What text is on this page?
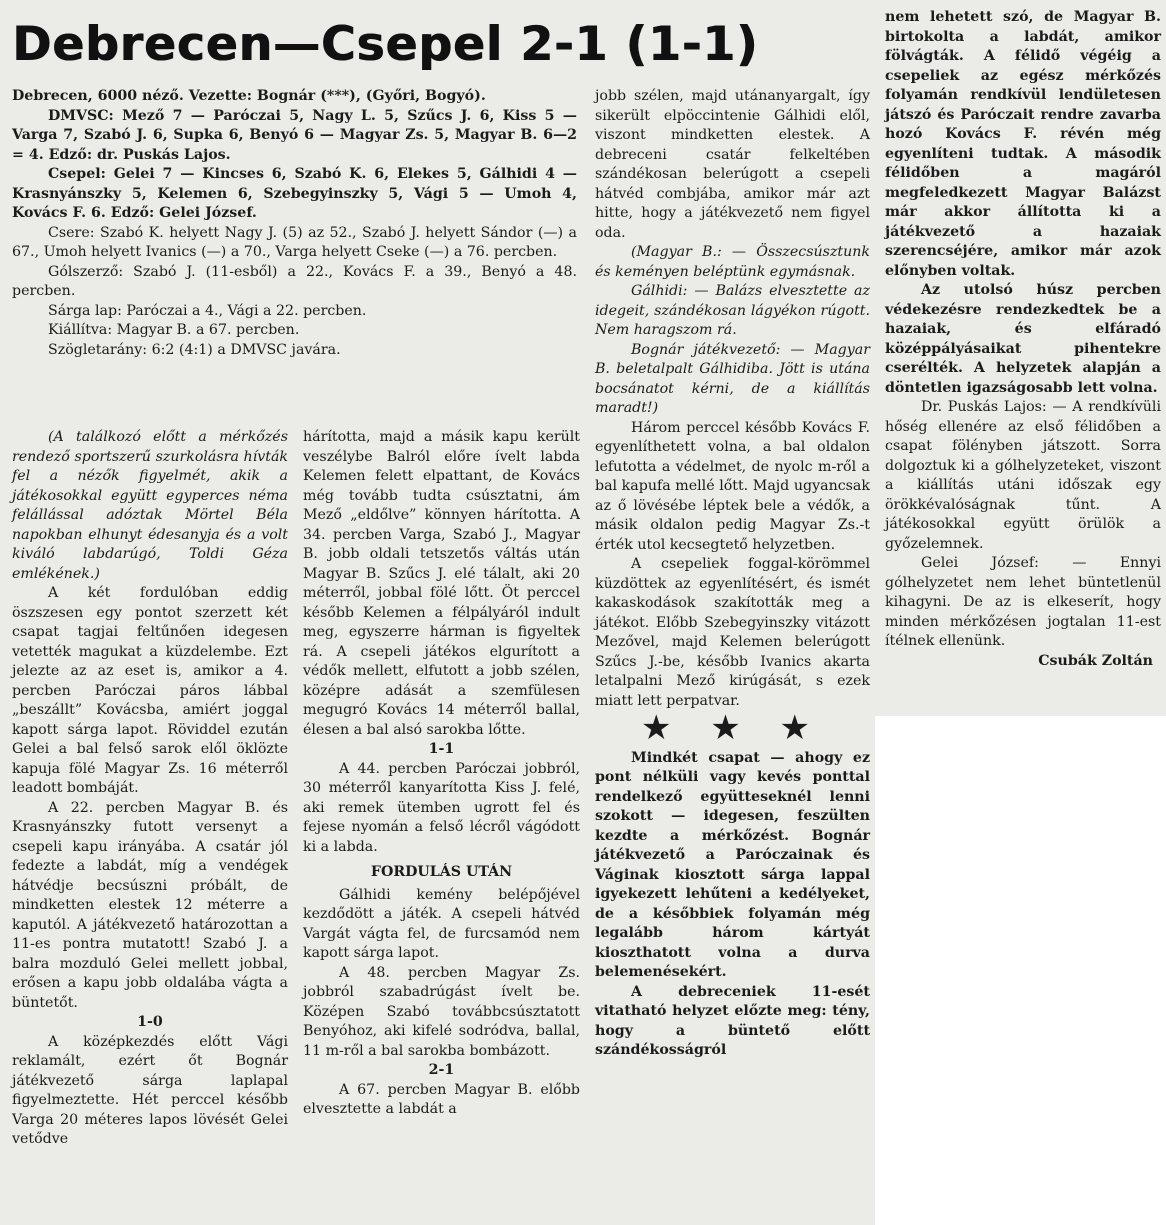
Debrecen—Csepel 2-1 (1-1)

Debrecen, 6000 néző. Vezette: Bognár (***), (Győri, Bogyó).

DMVSC: Mező 7 — Paróczai 5, Nagy L. 5, Szűcs J. 6, Kiss 5 — Varga 7, Szabó J. 6, Supka 6, Benyó 6 — Magyar Zs. 5, Magyar B. 6—2 = 4. Edző: dr. Puskás Lajos.

Csepel: Gelei 7 — Kincses 6, Szabó K. 6, Elekes 5, Gálhidi 4 — Krasnyánszky 5, Kelemen 6, Szebegyinszky 5, Vági 5 — Umoh 4, Kovács F. 6. Edző: Gelei József.

Csere: Szabó K. helyett Nagy J. (5) az 52., Szabó J. helyett Sándor (—) a 67., Umoh helyett Ivanics (—) a 70., Varga helyett Cseke (—) a 76. percben.

Gólszerző: Szabó J. (11-esből) a 22., Kovács F. a 39., Benyó a 48. percben.

Sárga lap: Paróczai a 4., Vági a 22. percben.

Kiállítva: Magyar B. a 67. percben.

Szögletarány: 6:2 (4:1) a DMVSC javára.

(A találkozó előtt a mérkőzés rendező sportszerű szurkolásra hívták fel a nézők figyelmét, akik a játékosokkal együtt egyperces néma felállással adóztak Mörtel Béla napokban elhunyt édesanyja és a volt kiváló labdarúgó, Toldi Géza emlékének.)

A két fordulóban eddig öszszesen egy pontot szerzett két csapat tagjai feltűnően idegesen vetették magukat a küzdelembe. Ezt jelezte az az eset is, amikor a 4. percben Paróczai páros lábbal „beszállt” Kovácsba, amiért joggal kapott sárga lapot. Röviddel ezután Gelei a bal felső sarok elől öklözte kapuja fölé Magyar Zs. 16 méterről leadott bombáját.

A 22. percben Magyar B. és Krasnyánszky futott versenyt a csepeli kapu irányába. A csatár jól fedezte a labdát, míg a vendégek hátvédje becsúszni próbált, de mindketten elestek 12 méterre a kaputól. A játékvezető határozottan a 11-es pontra mutatott! Szabó J. a balra mozduló Gelei mellett jobbal, erősen a kapu jobb oldalába vágta a büntetőt.

1-0

A középkezdés előtt Vági reklamált, ezért őt Bognár játékvezető sárga laplapal figyelmeztette. Hét perccel később Varga 20 méteres lapos lövését Gelei vetődve

hárította, majd a másik kapu került veszélybe Balról előre ívelt labda Kelemen felett elpattant, de Kovács még tovább tudta csúsztatni, ám Mező „eldőlve” könnyen hárította. A 34. percben Varga, Szabó J., Magyar B. jobb oldali tetszetős váltás után Magyar B. Szűcs J. elé tálalt, aki 20 méterről, jobbal fölé lőtt. Öt perccel később Kelemen a félpályáról indult meg, egyszerre hárman is figyeltek rá. A csepeli játékos elgurított a védők mellett, elfutott a jobb szélen, középre adását a szemfülesen megugró Kovács 14 méterről ballal, élesen a bal alsó sarokba lőtte.

1-1

A 44. percben Paróczai jobbról, 30 méterről kanyarította Kiss J. felé, aki remek ütemben ugrott fel és fejese nyomán a felső lécről vágódott ki a labda.

FORDULÁS UTÁN

Gálhidi kemény belépőjével kezdődött a játék. A csepeli hátvéd Vargát vágta fel, de furcsamód nem kapott sárga lapot.

A 48. percben Magyar Zs. jobbról szabadrúgást ívelt be. Középen Szabó továbbcsúsztatott Benyóhoz, aki kifelé sodródva, ballal, 11 m-ről a bal sarokba bombázott.

2-1

A 67. percben Magyar B. előbb elvesztette a labdát a

jobb szélen, majd utánanyargalt, így sikerült elpöccintenie Gálhidi elől, viszont mindketten elestek. A debreceni csatár felkeltében szándékosan belerúgott a csepeli hátvéd combjába, amikor már azt hitte, hogy a játékvezető nem figyel oda.

(Magyar B.: — Összecsúsztunk és keményen beléptünk egymásnak.

Gálhidi: — Balázs elvesztette az idegeit, szándékosan lágyékon rúgott. Nem haragszom rá.

Bognár játékvezető: — Magyar B. beletalpalt Gálhidiba. Jött is utána bocsánatot kérni, de a kiállítás maradt!)

Három perccel később Kovács F. egyenlíthetett volna, a bal oldalon lefutotta a védelmet, de nyolc m-ről a bal kapufa mellé lőtt. Majd ugyancsak az ő lövésébe léptek bele a védők, a másik oldalon pedig Magyar Zs.-t érték utol kecsegtető helyzetben.

A csepeliek foggal-körömmel küzdöttek az egyenlítésért, és ismét kakaskodások szakították meg a játékot. Előbb Szebegyinszky vitázott Mezővel, majd Kelemen belerúgott Szűcs J.-be, később Ivanics akarta letalpalni Mező kirúgását, s ezek miatt lett perpatvar.

★ ★ ★

Mindkét csapat — ahogy ez pont nélküli vagy kevés ponttal rendelkező együtteseknél lenni szokott — idegesen, feszülten kezdte a mérkőzést. Bognár játékvezető a Paróczainak és Váginak kiosztott sárga lappal igyekezett lehűteni a kedélyeket, de a későbbiek folyamán még legalább három kártyát kioszthatott volna a durva belemenésekért.

A debreceniek 11-esét vitatható helyzet előzte meg: tény, hogy a büntető előtt szándékosságról

nem lehetett szó, de Magyar B. birtokolta a labdát, amikor fölvágták. A félidő végéig a csepeliek az egész mérkőzés folyamán rendkívül lendületesen játszó és Paróczait rendre zavarba hozó Kovács F. révén még egyenlíteni tudtak. A második félidőben a magáról megfeledkezett Magyar Balázst már akkor állította ki a játékvezető a hazaiak szerencséjére, amikor már azok előnyben voltak.

Az utolsó húsz percben védekezésre rendezkedtek be a hazaiak, és elfáradó középpályásaikat pihentekre cserélték. A helyzetek alapján a döntetlen igazságosabb lett volna.

Dr. Puskás Lajos: — A rendkívüli hőség ellenére az első félidőben a csapat fölényben játszott. Sorra dolgoztuk ki a gólhelyzeteket, viszont a kiállítás utáni időszak egy örökkévalóságnak tűnt. A játékosokkal együtt örülök a győzelemnek.

Gelei József: — Ennyi gólhelyzetet nem lehet büntetlenül kihagyni. De az is elkeserít, hogy minden mérkőzésen jogtalan 11-est ítélnek ellenünk.

Csubák Zoltán
